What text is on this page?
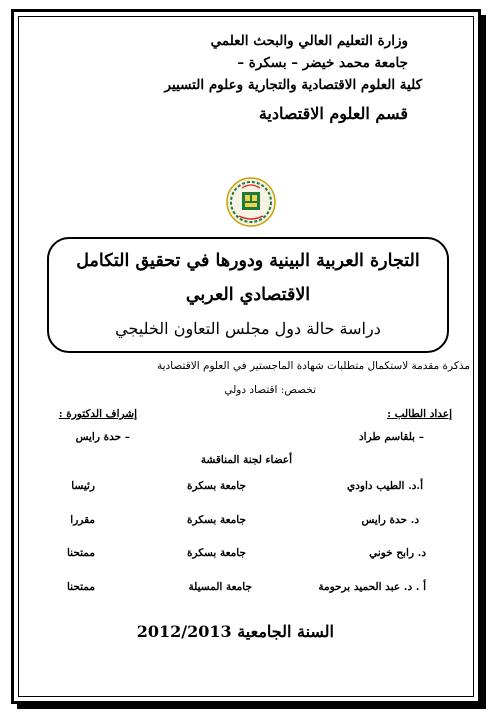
وزارة التعليم العالي والبحث العلمي
جامعة محمد خيضر – بسكرة –
كلية العلوم الاقتصادية والتجارية وعلوم التسيير
قسم العلوم الاقتصادية
التجارة العربية البينية ودورها في تحقيق التكامل
الاقتصادي العربي
دراسة حالة دول مجلس التعاون الخليجي
مذكرة مقدمة لاستكمال متطلبات شهادة الماجستير في العلوم الاقتصادية
تخصص: اقتصاد دولي
إعداد الطالب :
إشراف الدكتورة :
– بلقاسم طراد
– حدة رايس
أعضاء لجنة المناقشة
أ.د. الطيب داودي
جامعة بسكرة
رئيسا
د. حدة رايس
جامعة بسكرة
مقررا
د. رابح خوني
جامعة بسكرة
ممتحنا
أ . د. عبد الحميد برحومة
جامعة المسيلة
ممتحنا
السنة الجامعية 2012/2013
